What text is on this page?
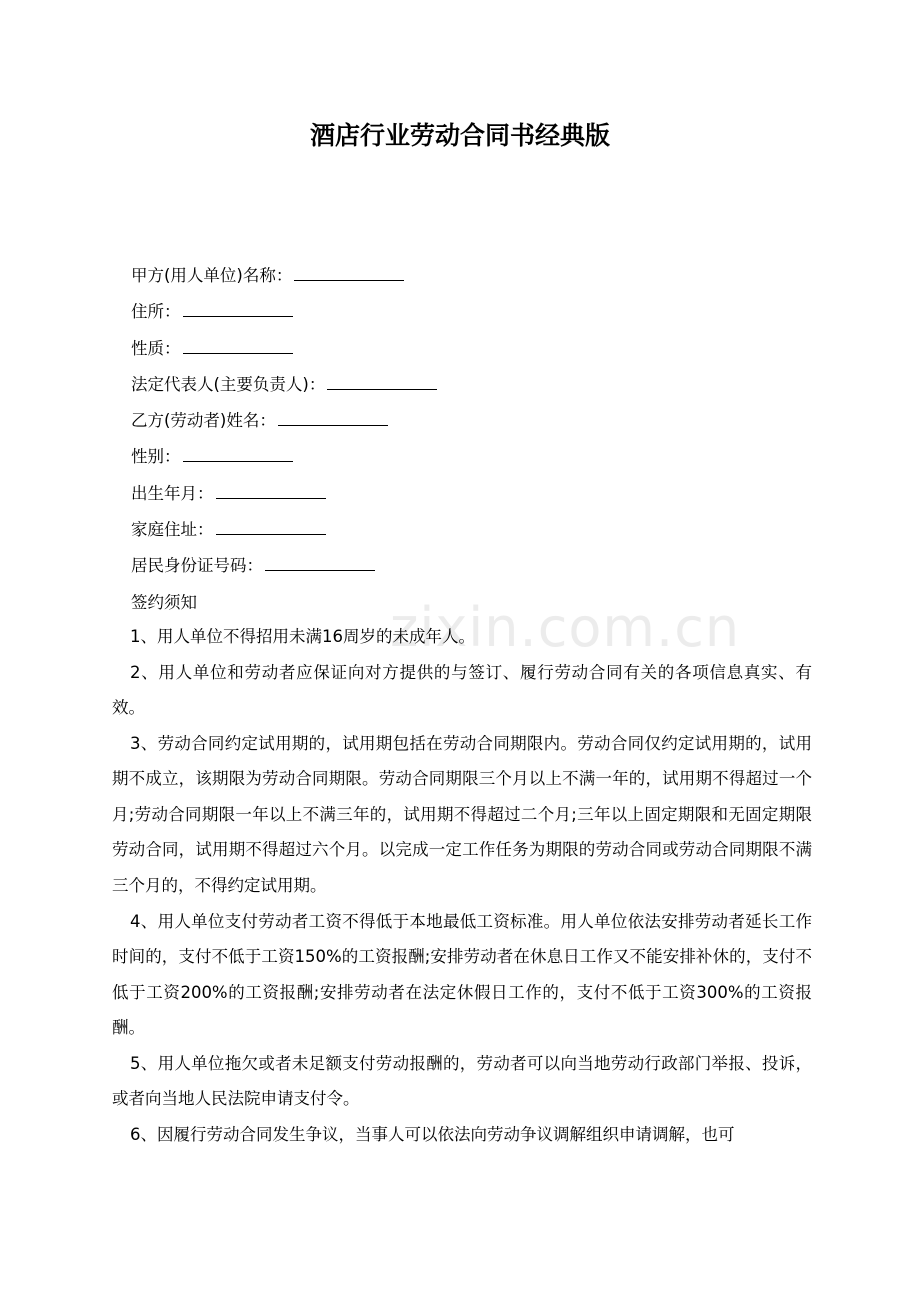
zixin.com.cn
酒店行业劳动合同书经典版
甲方(用人单位)名称：
住所：
性质：
法定代表人(主要负责人)：
乙方(劳动者)姓名：
性别：
出生年月：
家庭住址：
居民身份证号码：
签约须知

1、用人单位不得招用未满16周岁的未成年人。

2、用人单位和劳动者应保证向对方提供的与签订、履行劳动合同有关的各项信息真实、有效。

3、劳动合同约定试用期的，试用期包括在劳动合同期限内。劳动合同仅约定试用期的，试用期不成立，该期限为劳动合同期限。劳动合同期限三个月以上不满一年的，试用期不得超过一个月;劳动合同期限一年以上不满三年的，试用期不得超过二个月;三年以上固定期限和无固定期限劳动合同，试用期不得超过六个月。以完成一定工作任务为期限的劳动合同或劳动合同期限不满三个月的，不得约定试用期。

4、用人单位支付劳动者工资不得低于本地最低工资标准。用人单位依法安排劳动者延长工作时间的，支付不低于工资150%的工资报酬;安排劳动者在休息日工作又不能安排补休的，支付不低于工资200%的工资报酬;安排劳动者在法定休假日工作的，支付不低于工资300%的工资报酬。

5、用人单位拖欠或者未足额支付劳动报酬的，劳动者可以向当地劳动行政部门举报、投诉，或者向当地人民法院申请支付令。

6、因履行劳动合同发生争议，当事人可以依法向劳动争议调解组织申请调解，也可
